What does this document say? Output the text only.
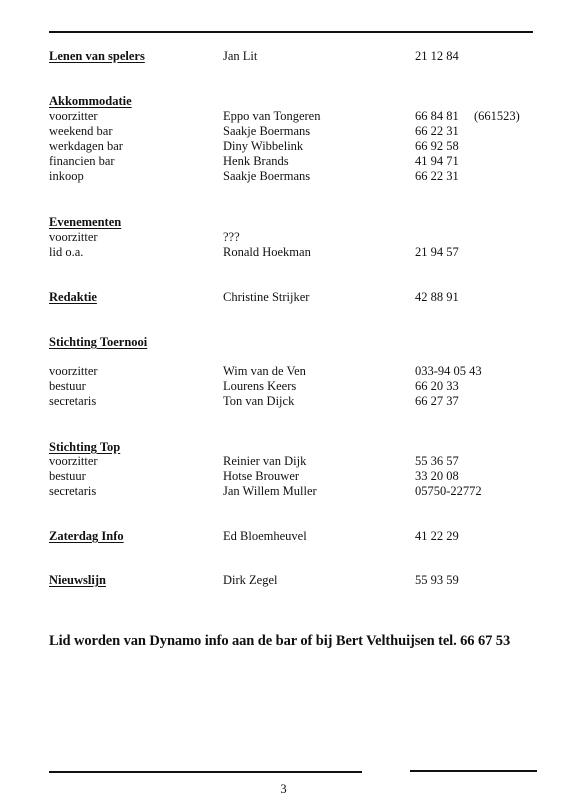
Lenen van spelers	Jan Lit	21 12 84
Akkommodatie
voorzitter	Eppo van Tongeren	66 84 81 (661523)
weekend bar	Saakje Boermans	66 22 31
werkdagen bar	Diny Wibbelink	66 92 58
financien bar	Henk Brands	41 94 71
inkoop	Saakje Boermans	66 22 31
Evenementen
voorzitter	???
lid o.a.	Ronald Hoekman	21 94 57
Redaktie	Christine Strijker	42 88 91
Stichting Toernooi
voorzitter	Wim van de Ven	033-94 05 43
bestuur	Lourens Keers	66 20 33
secretaris	Ton van Dijck	66 27 37
Stichting Top
voorzitter	Reinier van Dijk	55 36 57
bestuur	Hotse Brouwer	33 20 08
secretaris	Jan Willem Muller	05750-22772
Zaterdag Info	Ed Bloemheuvel	41 22 29
Nieuwslijn	Dirk Zegel	55 93 59
Lid worden van Dynamo info aan de bar of bij Bert Velthuijsen tel. 66 67 53
3
